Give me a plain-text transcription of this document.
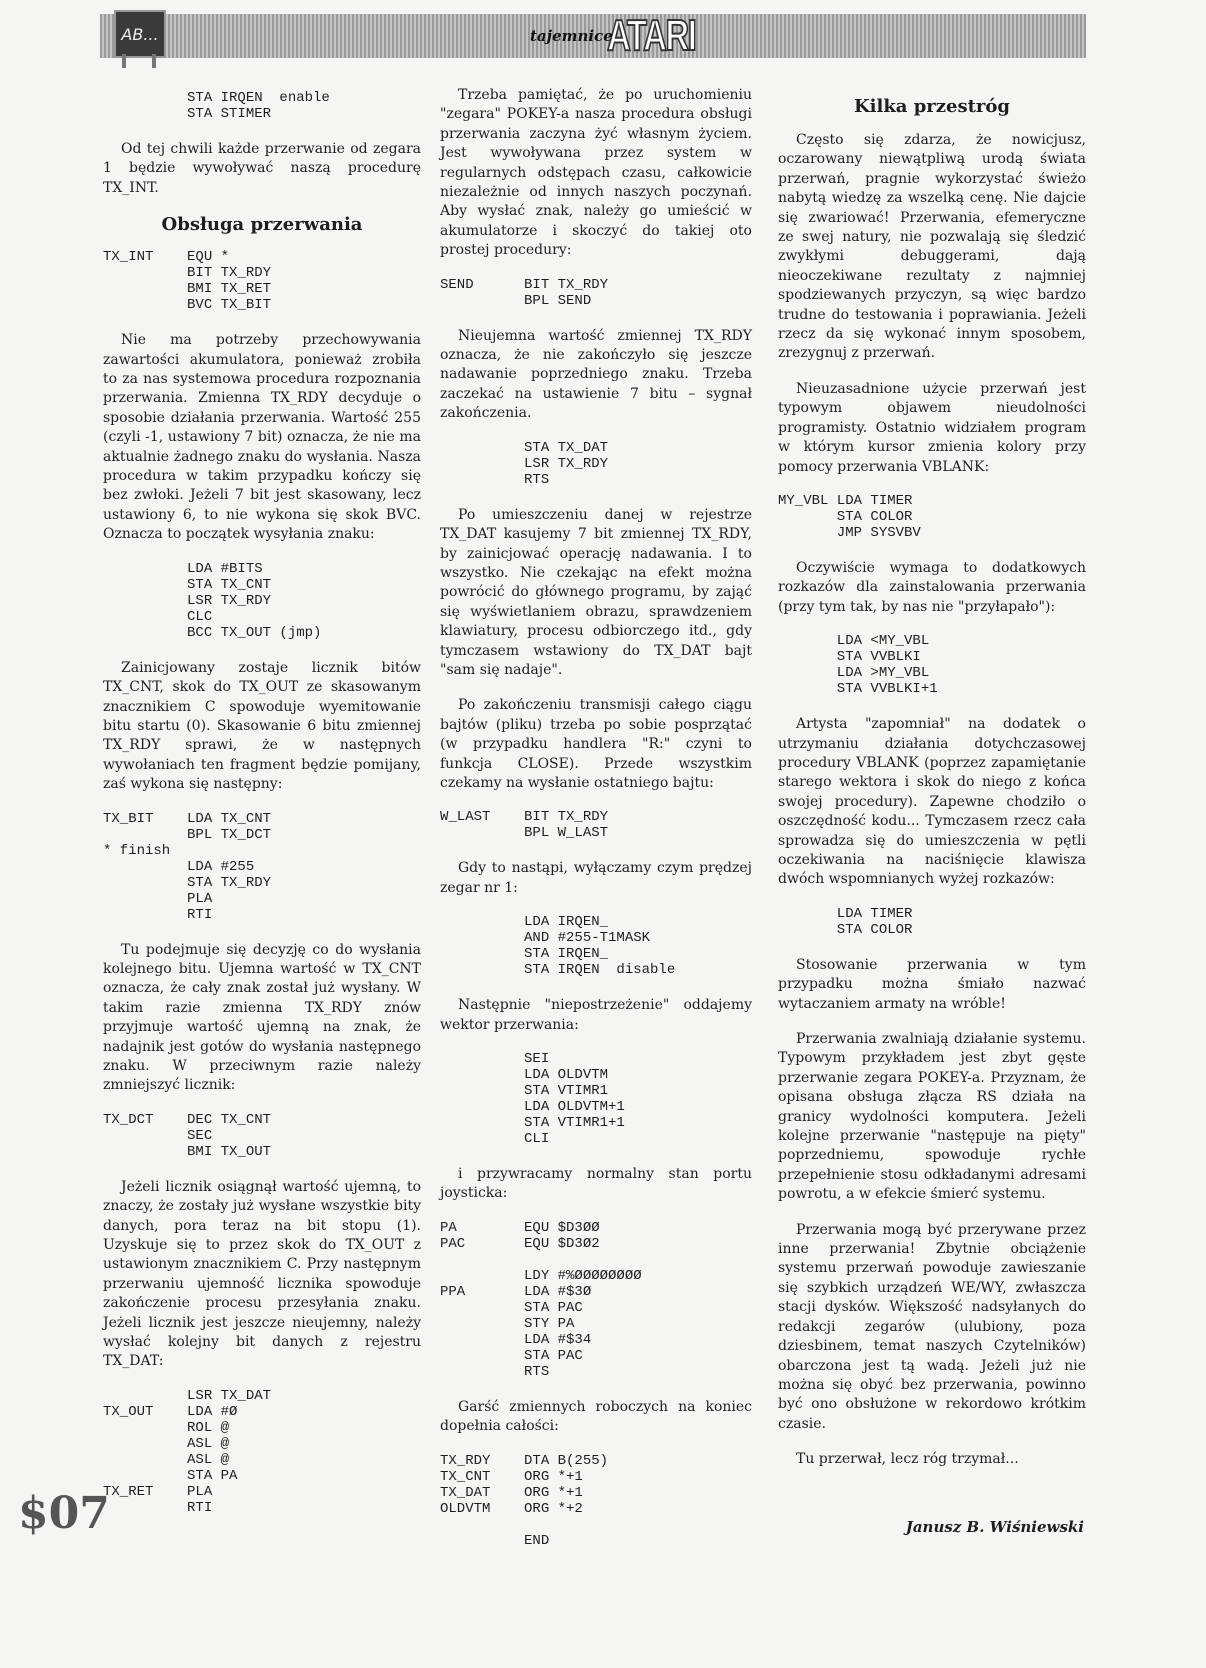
AB...	tajemnice
ATARI
STA IRQEN  enable
STA STIMER
Od tej chwili każde przerwanie od zegara 1 będzie wywoływać naszą procedurę TX_INT.
Obsługa przerwania
TX_INT    EQU *
BIT TX_RDY
BMI TX_RET
BVC TX_BIT
Nie ma potrzeby przechowywania zawartości akumulatora, ponieważ zrobiła to za nas systemowa procedura rozpoznania przerwania. Zmienna TX_RDY decyduje o sposobie działania przerwania. Wartość 255 (czyli -1, ustawiony 7 bit) oznacza, że nie ma aktualnie żadnego znaku do wysłania. Nasza procedura w takim przypadku kończy się bez zwłoki. Jeżeli 7 bit jest skasowany, lecz ustawiony 6, to nie wykona się skok BVC. Oznacza to początek wysyłania znaku:
LDA #BITS
STA TX_CNT
LSR TX_RDY
CLC
BCC TX_OUT (jmp)
Zainicjowany zostaje licznik bitów TX_CNT, skok do TX_OUT ze skasowanym znacznikiem C spowoduje wyemitowanie bitu startu (0). Skasowanie 6 bitu zmiennej TX_RDY sprawi, że w następnych wywołaniach ten fragment będzie pomijany, zaś wykona się następny:
TX_BIT    LDA TX_CNT
BPL TX_DCT
* finish
LDA #255
STA TX_RDY
PLA
RTI
Tu podejmuje się decyzję co do wysłania kolejnego bitu. Ujemna wartość w TX_CNT oznacza, że cały znak został już wysłany. W takim razie zmienna TX_RDY znów przyjmuje wartość ujemną na znak, że nadajnik jest gotów do wysłania następnego znaku. W przeciwnym razie należy zmniejszyć licznik:
TX_DCT    DEC TX_CNT
SEC
BMI TX_OUT
Jeżeli licznik osiągnął wartość ujemną, to znaczy, że zostały już wysłane wszystkie bity danych, pora teraz na bit stopu (1). Uzyskuje się to przez skok do TX_OUT z ustawionym znacznikiem C. Przy następnym przerwaniu ujemność licznika spowoduje zakończenie procesu przesyłania znaku. Jeżeli licznik jest jeszcze nieujemny, należy wysłać kolejny bit danych z rejestru TX_DAT:
LSR TX_DAT
TX_OUT    LDA #Ø
ROL @
ASL @
ASL @
STA PA
TX_RET    PLA
RTI
Trzeba pamiętać, że po uruchomieniu "zegara" POKEY-a nasza procedura obsługi przerwania zaczyna żyć własnym życiem. Jest wywoływana przez system w regularnych odstępach czasu, całkowicie niezależnie od innych naszych poczynań. Aby wysłać znak, należy go umieścić w akumulatorze i skoczyć do takiej oto prostej procedury:
SEND      BIT TX_RDY
BPL SEND
Nieujemna wartość zmiennej TX_RDY oznacza, że nie zakończyło się jeszcze nadawanie poprzedniego znaku. Trzeba zaczekać na ustawienie 7 bitu – sygnał zakończenia.
STA TX_DAT
LSR TX_RDY
RTS
Po umieszczeniu danej w rejestrze TX_DAT kasujemy 7 bit zmiennej TX_RDY, by zainicjować operację nadawania. I to wszystko. Nie czekając na efekt można powrócić do głównego programu, by zająć się wyświetlaniem obrazu, sprawdzeniem klawiatury, procesu odbiorczego itd., gdy tymczasem wstawiony do TX_DAT bajt "sam się nadaje".
Po zakończeniu transmisji całego ciągu bajtów (pliku) trzeba po sobie posprzątać (w przypadku handlera "R:" czyni to funkcja CLOSE). Przede wszystkim czekamy na wysłanie ostatniego bajtu:
W_LAST    BIT TX_RDY
BPL W_LAST
Gdy to nastąpi, wyłączamy czym prędzej zegar nr 1:
LDA IRQEN_
AND #255-T1MASK
STA IRQEN_
STA IRQEN  disable
Następnie "niepostrzeżenie" oddajemy wektor przerwania:
SEI
LDA OLDVTM
STA VTIMR1
LDA OLDVTM+1
STA VTIMR1+1
CLI
i przywracamy normalny stan portu joysticka:
PA        EQU $D3ØØ
PAC       EQU $D3Ø2
LDY #%ØØØØØØØØ
PPA       LDA #$3Ø
STA PAC
STY PA
LDA #$34
STA PAC
RTS
Garść zmiennych roboczych na koniec dopełnia całości:
TX_RDY    DTA B(255)
TX_CNT    ORG *+1
TX_DAT    ORG *+1
OLDVTM    ORG *+2
END
Kilka przestróg
Często się zdarza, że nowicjusz, oczarowany niewątpliwą urodą świata przerwań, pragnie wykorzystać świeżo nabytą wiedzę za wszelką cenę. Nie dajcie się zwariować! Przerwania, efemeryczne ze swej natury, nie pozwalają się śledzić zwykłymi debuggerami, dają nieoczekiwane rezultaty z najmniej spodziewanych przyczyn, są więc bardzo trudne do testowania i poprawiania. Jeżeli rzecz da się wykonać innym sposobem, zrezygnuj z przerwań.
Nieuzasadnione użycie przerwań jest typowym objawem nieudolności programisty. Ostatnio widziałem program w którym kursor zmienia kolory przy pomocy przerwania VBLANK:
MY_VBL LDA TIMER
STA COLOR
JMP SYSVBV
Oczywiście wymaga to dodatkowych rozkazów dla zainstalowania przerwania (przy tym tak, by nas nie "przyłapało"):
LDA <MY_VBL
STA VVBLKI
LDA >MY_VBL
STA VVBLKI+1
Artysta "zapomniał" na dodatek o utrzymaniu działania dotychczasowej procedury VBLANK (poprzez zapamiętanie starego wektora i skok do niego z końca swojej procedury). Zapewne chodziło o oszczędność kodu... Tymczasem rzecz cała sprowadza się do umieszczenia w pętli oczekiwania na naciśnięcie klawisza dwóch wspomnianych wyżej rozkazów:
LDA TIMER
STA COLOR
Stosowanie przerwania w tym przypadku można śmiało nazwać wytaczaniem armaty na wróble!
Przerwania zwalniają działanie systemu. Typowym przykładem jest zbyt gęste przerwanie zegara POKEY-a. Przyznam, że opisana obsługa złącza RS działa na granicy wydolności komputera. Jeżeli kolejne przerwanie "następuje na pięty" poprzedniemu, spowoduje rychłe przepełnienie stosu odkładanymi adresami powrotu, a w efekcie śmierć systemu.
Przerwania mogą być przerywane przez inne przerwania! Zbytnie obciążenie systemu przerwań powoduje zawieszanie się szybkich urządzeń WE/WY, zwłaszcza stacji dysków. Większość nadsyłanych do redakcji zegarów (ulubiony, poza dziesbinem, temat naszych Czytelników) obarczona jest tą wadą. Jeżeli już nie można się obyć bez przerwania, powinno być ono obsłużone w rekordowo krótkim czasie.
Tu przerwał, lecz róg trzymał...
$07	Janusz B. Wiśniewski
